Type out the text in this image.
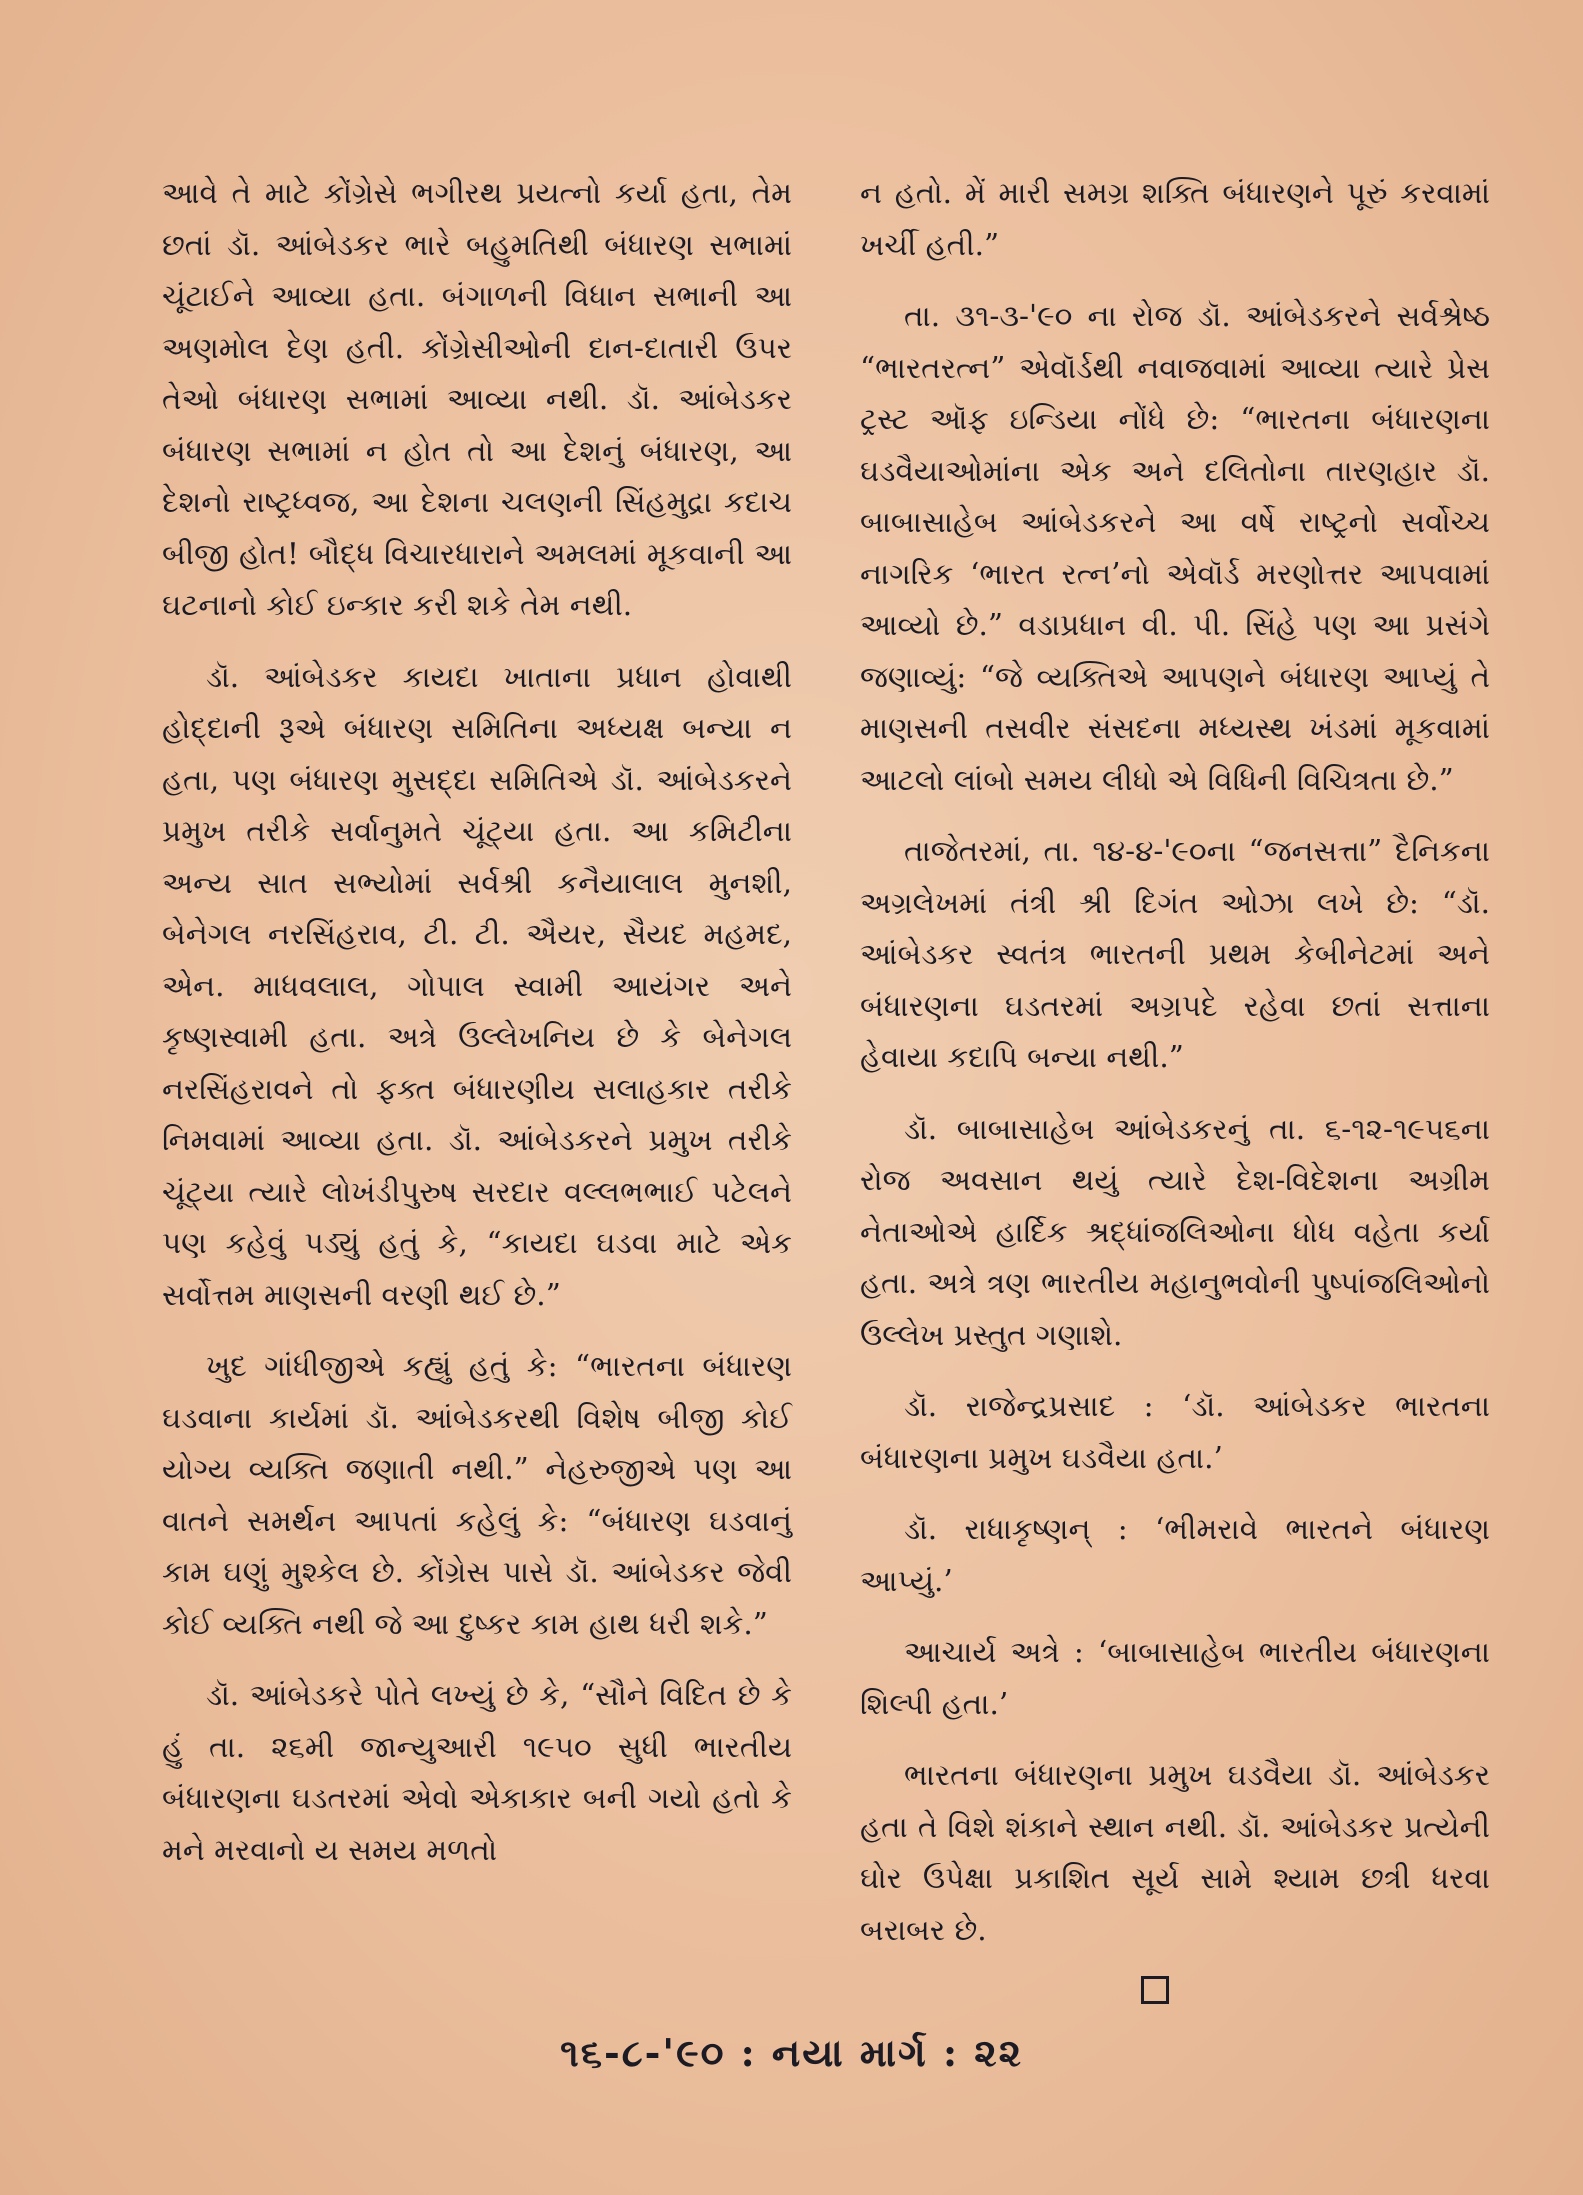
આવે તે માટે કોંગ્રેસે ભગીરથ પ્રયત્નો કર્યા હતા, તેમ છતાં ડૉ. આંબેડકર ભારે બહુમતિથી બંધારણ સભામાં ચૂંટાઈને આવ્યા હતા. બંગાળની વિધાન સભાની આ અણમોલ દેણ હતી. કોંગ્રેસીઓની દાન-દાતારી ઉપર તેઓ બંધારણ સભામાં આવ્યા નથી. ડૉ. આંબેડકર બંધારણ સભામાં ન હોત તો આ દેશનું બંધારણ, આ દેશનો રાષ્ટ્રધ્વજ, આ દેશના ચલણની સિંહમુદ્રા કદાચ બીજી હોત! બૌદ્ધ વિચારધારાને અમલમાં મૂકવાની આ ઘટનાનો કોઈ ઇન્કાર કરી શકે તેમ નથી.

ડૉ. આંબેડકર કાયદા ખાતાના પ્રધાન હોવાથી હોદ્દાની રૂએ બંધારણ સમિતિના અધ્યક્ષ બન્યા ન હતા, પણ બંધારણ મુસદ્દા સમિતિએ ડૉ. આંબેડકરને પ્રમુખ તરીકે સર્વાનુમતે ચૂંટ્યા હતા. આ કમિટીના અન્ય સાત સભ્યોમાં સર્વશ્રી કનૈયાલાલ મુનશી, બેનેગલ નરસિંહરાવ, ટી. ટી. ઐયર, સૈયદ મહમદ, એન. માધવલાલ, ગોપાલ સ્વામી આયંગર અને કૃષ્ણસ્વામી હતા. અત્રે ઉલ્લેખનિય છે કે બેનેગલ નરસિંહરાવને તો ફક્ત બંધારણીય સલાહકાર તરીકે નિમવામાં આવ્યા હતા. ડૉ. આંબેડકરને પ્રમુખ તરીકે ચૂંટ્યા ત્યારે લોખંડીપુરુષ સરદાર વલ્લભભાઈ પટેલને પણ કહેવું પડ્યું હતું કે, “કાયદા ઘડવા માટે એક સર્વોત્તમ માણસની વરણી થઈ છે.”

ખુદ ગાંધીજીએ કહ્યું હતું કે: “ભારતના બંધારણ ઘડવાના કાર્યમાં ડૉ. આંબેડકરથી વિશેષ બીજી કોઈ યોગ્ય વ્યક્તિ જણાતી નથી.” નેહરુજીએ પણ આ વાતને સમર્થન આપતાં કહેલું કે: “બંધારણ ઘડવાનું કામ ઘણું મુશ્કેલ છે. કોંગ્રેસ પાસે ડૉ. આંબેડકર જેવી કોઈ વ્યક્તિ નથી જે આ દુષ્કર કામ હાથ ધરી શકે.”

ડૉ. આંબેડકરે પોતે લખ્યું છે કે, “સૌને વિદિત છે કે હું તા. ૨૬મી જાન્યુઆરી ૧૯૫૦ સુધી ભારતીય બંધારણના ઘડતરમાં એવો એકાકાર બની ગયો હતો કે મને મરવાનો ય સમય મળતો

ન હતો. મેં મારી સમગ્ર શક્તિ બંધારણને પૂરું કરવામાં ખર્ચી હતી.”

તા. ૩૧-૩-'૯૦ ના રોજ ડૉ. આંબેડકરને સર્વશ્રેષ્ઠ “ભારતરત્ન” એવૉર્ડથી નવાજવામાં આવ્યા ત્યારે પ્રેસ ટ્રસ્ટ ઑફ ઇન્ડિયા નોંધે છે: “ભારતના બંધારણના ઘડવૈયાઓમાંના એક અને દલિતોના તારણહાર ડૉ. બાબાસાહેબ આંબેડકરને આ વર્ષે રાષ્ટ્રનો સર્વોચ્ચ નાગરિક ‘ભારત રત્ન’નો એવૉર્ડ મરણોત્તર આપવામાં આવ્યો છે.” વડાપ્રધાન વી. પી. સિંહે પણ આ પ્રસંગે જણાવ્યું: “જે વ્યક્તિએ આપણને બંધારણ આપ્યું તે માણસની તસવીર સંસદના મધ્યસ્થ ખંડમાં મૂકવામાં આટલો લાંબો સમય લીધો એ વિધિની વિચિત્રતા છે.”

તાજેતરમાં, તા. ૧૪-૪-'૯૦ના “જનસત્તા” દૈનિકના અગ્રલેખમાં તંત્રી શ્રી દિગંત ઓઝા લખે છે: “ડૉ. આંબેડકર સ્વતંત્ર ભારતની પ્રથમ કેબીનેટમાં અને બંધારણના ઘડતરમાં અગ્રપદે રહેવા છતાં સત્તાના હેવાયા કદાપિ બન્યા નથી.”

ડૉ. બાબાસાહેબ આંબેડકરનું તા. ૬-૧૨-૧૯૫૬ના રોજ અવસાન થયું ત્યારે દેશ-વિદેશના અગ્રીમ નેતાઓએ હાર્દિક શ્રદ્ધાંજલિઓના ધોધ વહેતા કર્યા હતા. અત્રે ત્રણ ભારતીય મહાનુભવોની પુષ્પાંજલિઓનો ઉલ્લેખ પ્રસ્તુત ગણાશે.

ડૉ. રાજેન્દ્રપ્રસાદ : ‘ડૉ. આંબેડકર ભારતના બંધારણના પ્રમુખ ઘડવૈયા હતા.’

ડૉ. રાધાકૃષ્ણન્ : ‘ભીમરાવે ભારતને બંધારણ આપ્યું.’

આચાર્ય અત્રે : ‘બાબાસાહેબ ભારતીય બંધારણના શિલ્પી હતા.’

ભારતના બંધારણના પ્રમુખ ઘડવૈયા ડૉ. આંબેડકર હતા તે વિશે શંકાને સ્થાન નથી. ડૉ. આંબેડકર પ્રત્યેની ઘોર ઉપેક્ષા પ્રકાશિત સૂર્ય સામે શ્યામ છત્રી ધરવા બરાબર છે.

૧૬-૮-'૯૦ : નયા માર્ગ : ૨૨
